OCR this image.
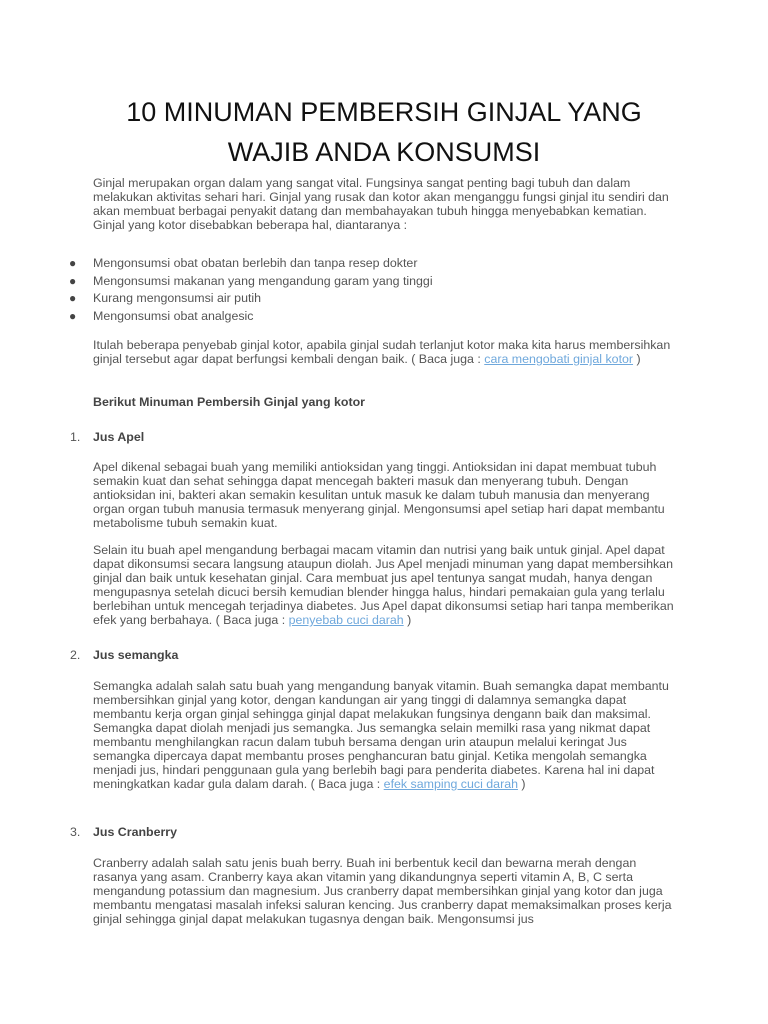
10 MINUMAN PEMBERSIH GINJAL YANG
WAJIB ANDA KONSUMSI

Ginjal merupakan organ dalam yang sangat vital. Fungsinya sangat penting bagi tubuh dan dalam melakukan aktivitas sehari hari. Ginjal yang rusak dan kotor akan menganggu fungsi ginjal itu sendiri dan akan membuat berbagai penyakit datang dan membahayakan tubuh hingga menyebabkan kematian. Ginjal yang kotor disebabkan beberapa hal, diantaranya :

● Mengonsumsi obat obatan berlebih dan tanpa resep dokter
● Mengonsumsi makanan yang mengandung garam yang tinggi
● Kurang mengonsumsi air putih
● Mengonsumsi obat analgesic

Itulah beberapa penyebab ginjal kotor, apabila ginjal sudah terlanjut kotor maka kita harus membersihkan ginjal tersebut agar dapat berfungsi kembali dengan baik. ( Baca juga : cara mengobati ginjal kotor )

Berikut Minuman Pembersih Ginjal yang kotor
1. Jus Apel

Apel dikenal sebagai buah yang memiliki antioksidan yang tinggi. Antioksidan ini dapat membuat tubuh semakin kuat dan sehat sehingga dapat mencegah bakteri masuk dan menyerang tubuh. Dengan antioksidan ini, bakteri akan semakin kesulitan untuk masuk ke dalam tubuh manusia dan menyerang organ organ tubuh manusia termasuk menyerang ginjal. Mengonsumsi apel setiap hari dapat membantu metabolisme tubuh semakin kuat.

Selain itu buah apel mengandung berbagai macam vitamin dan nutrisi yang baik untuk ginjal. Apel dapat dapat dikonsumsi secara langsung ataupun diolah. Jus Apel menjadi minuman yang dapat membersihkan ginjal dan baik untuk kesehatan ginjal. Cara membuat jus apel tentunya sangat mudah, hanya dengan mengupasnya setelah dicuci bersih kemudian blender hingga halus, hindari pemakaian gula yang terlalu berlebihan untuk mencegah terjadinya diabetes. Jus Apel dapat dikonsumsi setiap hari tanpa memberikan efek yang berbahaya. ( Baca juga : penyebab cuci darah )

2. Jus semangka

Semangka adalah salah satu buah yang mengandung banyak vitamin. Buah semangka dapat membantu membersihkan ginjal yang kotor, dengan kandungan air yang tinggi di dalamnya semangka dapat membantu kerja organ ginjal sehingga ginjal dapat melakukan fungsinya dengann baik dan maksimal. Semangka dapat diolah menjadi jus semangka. Jus semangka selain memilki rasa yang nikmat dapat membantu menghilangkan racun dalam tubuh bersama dengan urin ataupun melalui keringat Jus semangka dipercaya dapat membantu proses penghancuran batu ginjal. Ketika mengolah semangka menjadi jus, hindari penggunaan gula yang berlebih bagi para penderita diabetes. Karena hal ini dapat meningkatkan kadar gula dalam darah. ( Baca juga : efek samping cuci darah )

3. Jus Cranberry

Cranberry adalah salah satu jenis buah berry. Buah ini berbentuk kecil dan bewarna merah dengan rasanya yang asam. Cranberry kaya akan vitamin yang dikandungnya seperti vitamin A, B, C serta mengandung potassium dan magnesium. Jus cranberry dapat membersihkan ginjal yang kotor dan juga membantu mengatasi masalah infeksi saluran kencing. Jus cranberry dapat memaksimalkan proses kerja ginjal sehingga ginjal dapat melakukan tugasnya dengan baik. Mengonsumsi jus
